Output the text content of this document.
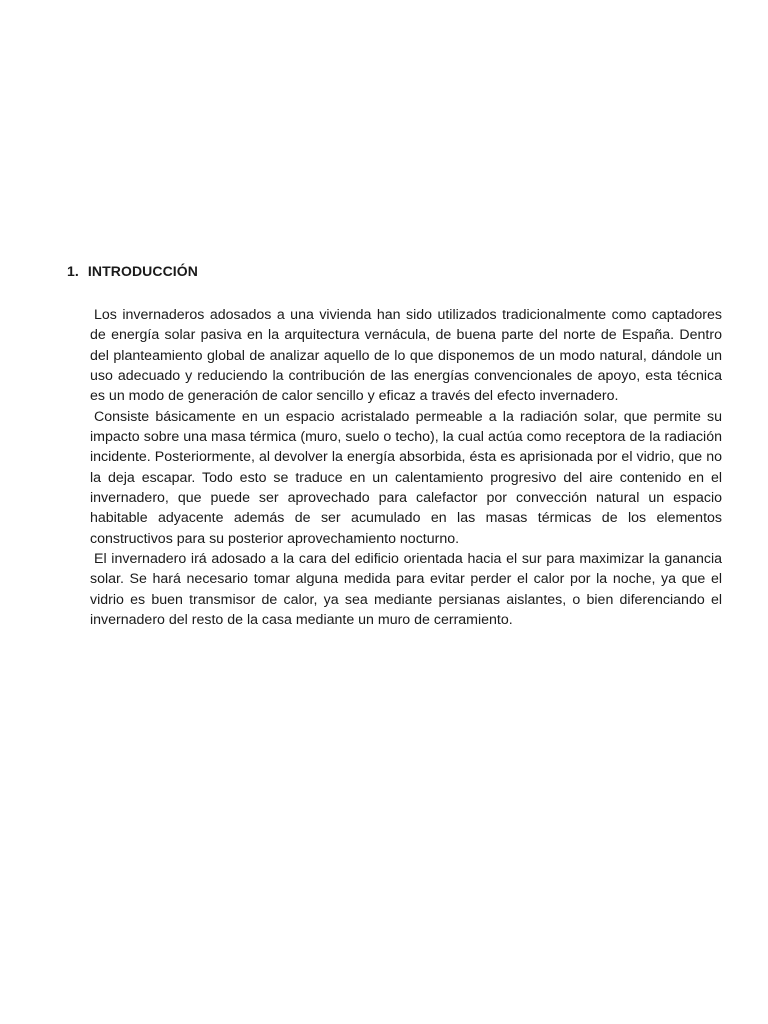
1. INTRODUCCIÓN

Los invernaderos adosados a una vivienda han sido utilizados tradicionalmente como captadores de energía solar pasiva en la arquitectura vernácula, de buena parte del norte de España. Dentro del planteamiento global de analizar aquello de lo que disponemos de un modo natural, dándole un uso adecuado y reduciendo la contribución de las energías convencionales de apoyo, esta técnica es un modo de generación de calor sencillo y eficaz a través del efecto invernadero.

Consiste básicamente en un espacio acristalado permeable a la radiación solar, que permite su impacto sobre una masa térmica (muro, suelo o techo), la cual actúa como receptora de la radiación incidente. Posteriormente, al devolver la energía absorbida, ésta es aprisionada por el vidrio, que no la deja escapar. Todo esto se traduce en un calentamiento progresivo del aire contenido en el invernadero, que puede ser aprovechado para calefactor por convección natural un espacio habitable adyacente además de ser acumulado en las masas térmicas de los elementos constructivos para su posterior aprovechamiento nocturno.

El invernadero irá adosado a la cara del edificio orientada hacia el sur para maximizar la ganancia solar. Se hará necesario tomar alguna medida para evitar perder el calor por la noche, ya que el vidrio es buen transmisor de calor, ya sea mediante persianas aislantes, o bien diferenciando el invernadero del resto de la casa mediante un muro de cerramiento.
